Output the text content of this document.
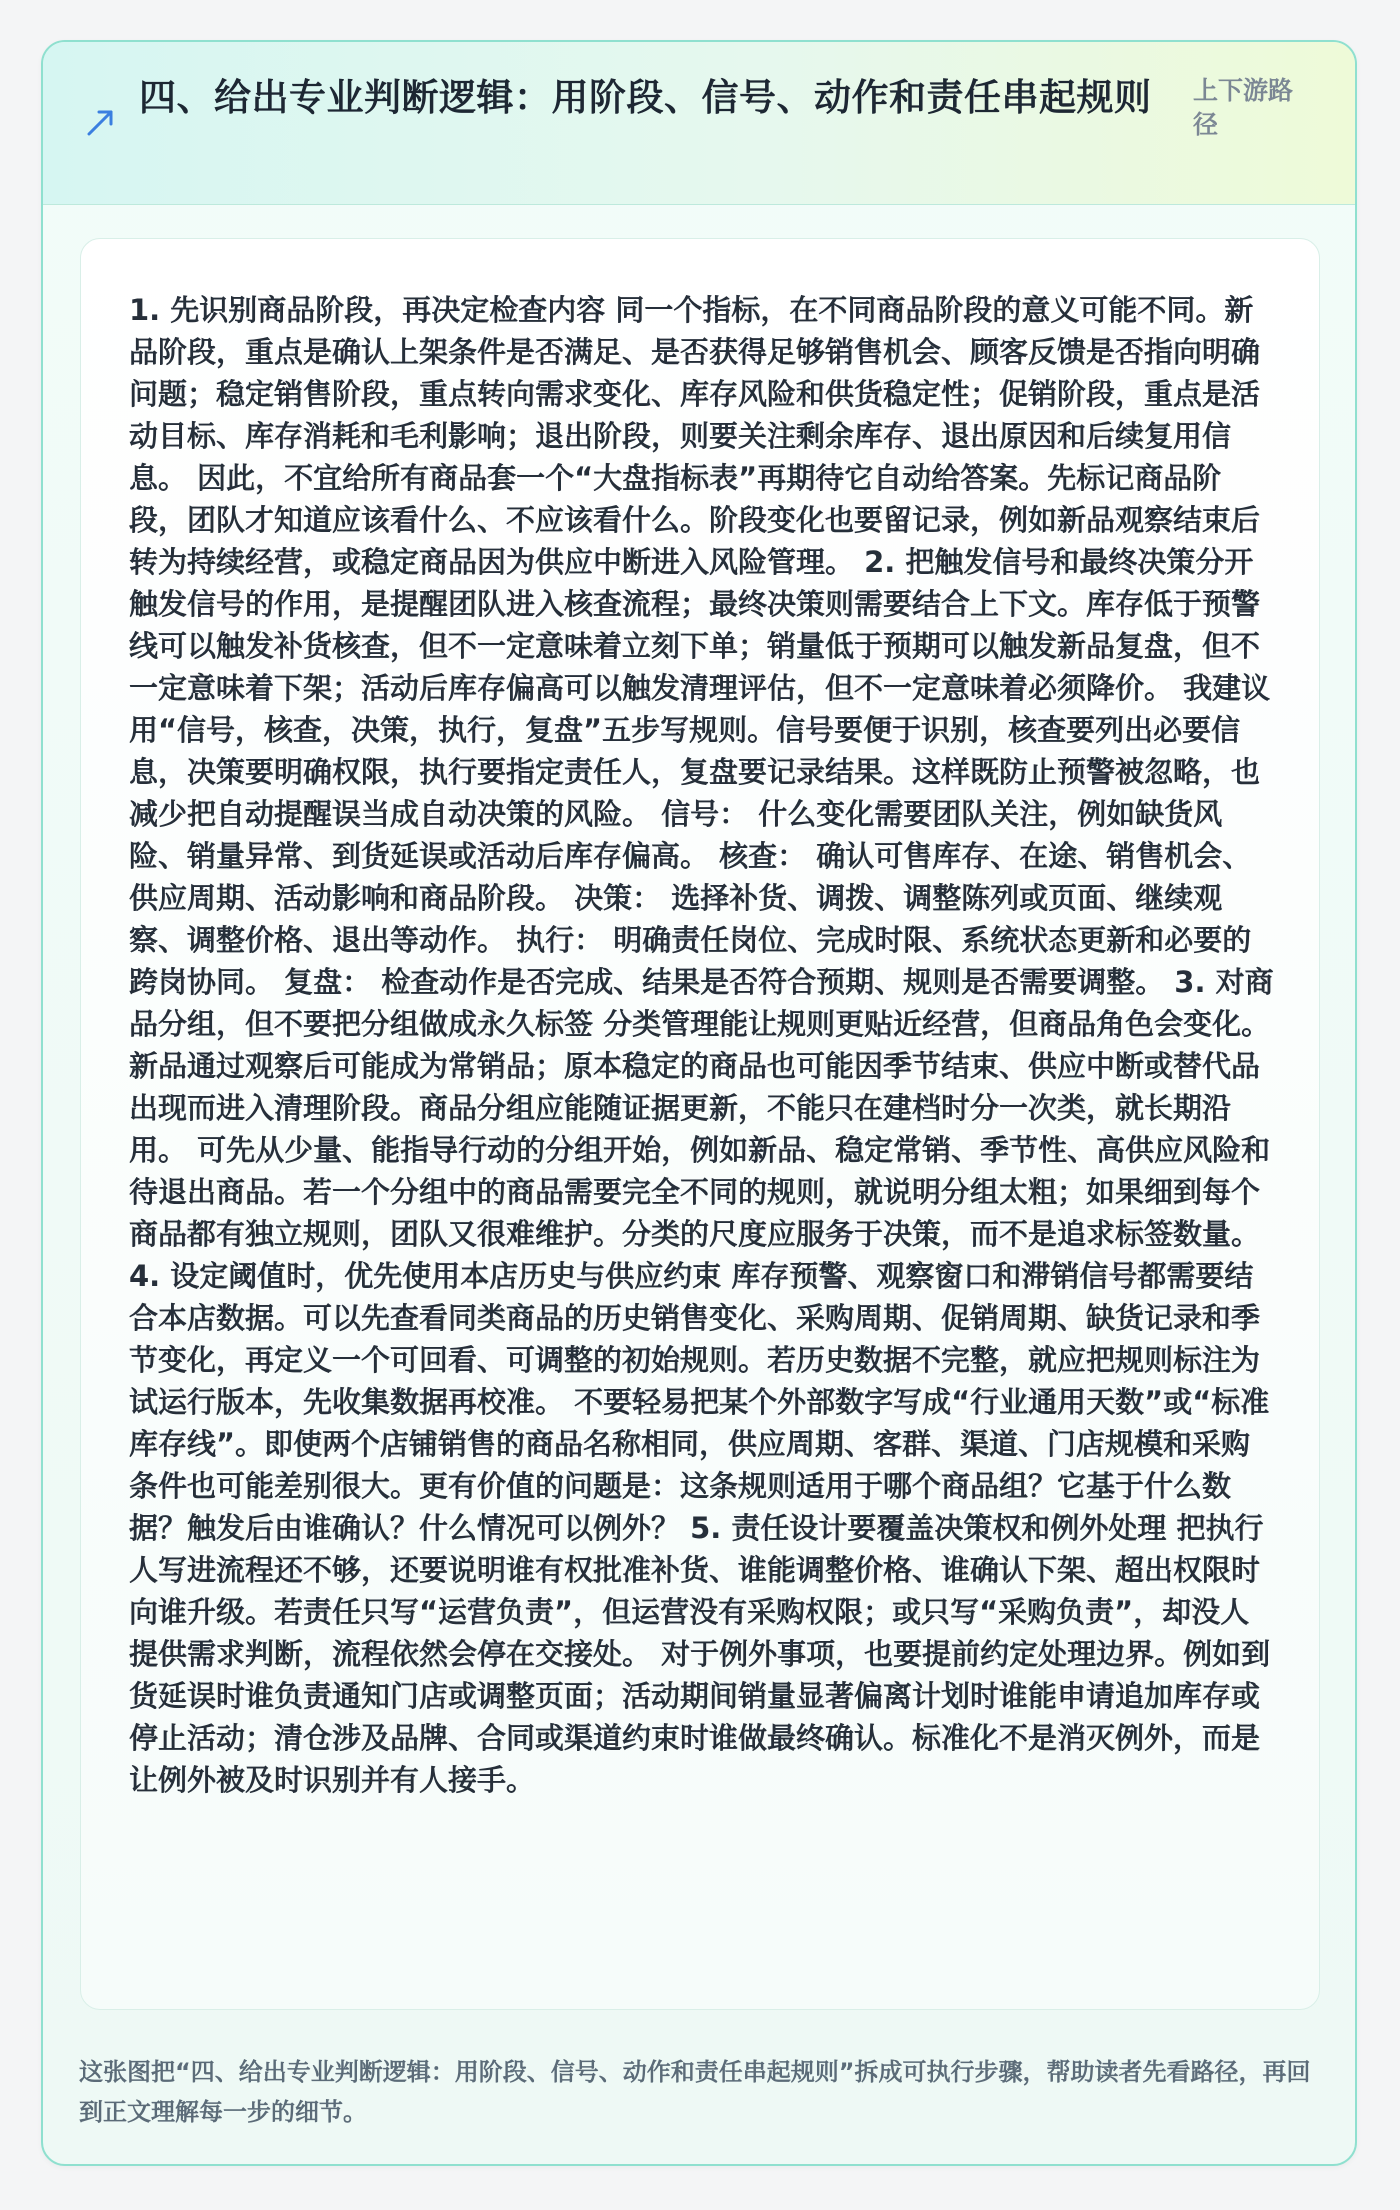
四、给出专业判断逻辑：用阶段、信号、动作和责任串起规则	上下游路径

1. 先识别商品阶段，再决定检查内容 同一个指标，在不同商品阶段的意义可能不同。新品阶段，重点是确认上架条件是否满足、是否获得足够销售机会、顾客反馈是否指向明确问题；稳定销售阶段，重点转向需求变化、库存风险和供货稳定性；促销阶段，重点是活动目标、库存消耗和毛利影响；退出阶段，则要关注剩余库存、退出原因和后续复用信息。 因此，不宜给所有商品套一个“大盘指标表”再期待它自动给答案。先标记商品阶段，团队才知道应该看什么、不应该看什么。阶段变化也要留记录，例如新品观察结束后转为持续经营，或稳定商品因为供应中断进入风险管理。 2. 把触发信号和最终决策分开 触发信号的作用，是提醒团队进入核查流程；最终决策则需要结合上下文。库存低于预警线可以触发补货核查，但不一定意味着立刻下单；销量低于预期可以触发新品复盘，但不一定意味着下架；活动后库存偏高可以触发清理评估，但不一定意味着必须降价。 我建议用“信号，核查，决策，执行，复盘”五步写规则。信号要便于识别，核查要列出必要信息，决策要明确权限，执行要指定责任人，复盘要记录结果。这样既防止预警被忽略，也减少把自动提醒误当成自动决策的风险。 信号： 什么变化需要团队关注，例如缺货风险、销量异常、到货延误或活动后库存偏高。 核查： 确认可售库存、在途、销售机会、供应周期、活动影响和商品阶段。 决策： 选择补货、调拨、调整陈列或页面、继续观察、调整价格、退出等动作。 执行： 明确责任岗位、完成时限、系统状态更新和必要的跨岗协同。 复盘： 检查动作是否完成、结果是否符合预期、规则是否需要调整。 3. 对商品分组，但不要把分组做成永久标签 分类管理能让规则更贴近经营，但商品角色会变化。新品通过观察后可能成为常销品；原本稳定的商品也可能因季节结束、供应中断或替代品出现而进入清理阶段。商品分组应能随证据更新，不能只在建档时分一次类，就长期沿用。 可先从少量、能指导行动的分组开始，例如新品、稳定常销、季节性、高供应风险和待退出商品。若一个分组中的商品需要完全不同的规则，就说明分组太粗；如果细到每个商品都有独立规则，团队又很难维护。分类的尺度应服务于决策，而不是追求标签数量。 4. 设定阈值时，优先使用本店历史与供应约束 库存预警、观察窗口和滞销信号都需要结合本店数据。可以先查看同类商品的历史销售变化、采购周期、促销周期、缺货记录和季节变化，再定义一个可回看、可调整的初始规则。若历史数据不完整，就应把规则标注为试运行版本，先收集数据再校准。 不要轻易把某个外部数字写成“行业通用天数”或“标准库存线”。即使两个店铺销售的商品名称相同，供应周期、客群、渠道、门店规模和采购条件也可能差别很大。更有价值的问题是：这条规则适用于哪个商品组？它基于什么数据？触发后由谁确认？什么情况可以例外？ 5. 责任设计要覆盖决策权和例外处理 把执行人写进流程还不够，还要说明谁有权批准补货、谁能调整价格、谁确认下架、超出权限时向谁升级。若责任只写“运营负责”，但运营没有采购权限；或只写“采购负责”，却没人提供需求判断，流程依然会停在交接处。 对于例外事项，也要提前约定处理边界。例如到货延误时谁负责通知门店或调整页面；活动期间销量显著偏离计划时谁能申请追加库存或停止活动；清仓涉及品牌、合同或渠道约束时谁做最终确认。标准化不是消灭例外，而是让例外被及时识别并有人接手。

这张图把“四、给出专业判断逻辑：用阶段、信号、动作和责任串起规则”拆成可执行步骤，帮助读者先看路径，再回到正文理解每一步的细节。
